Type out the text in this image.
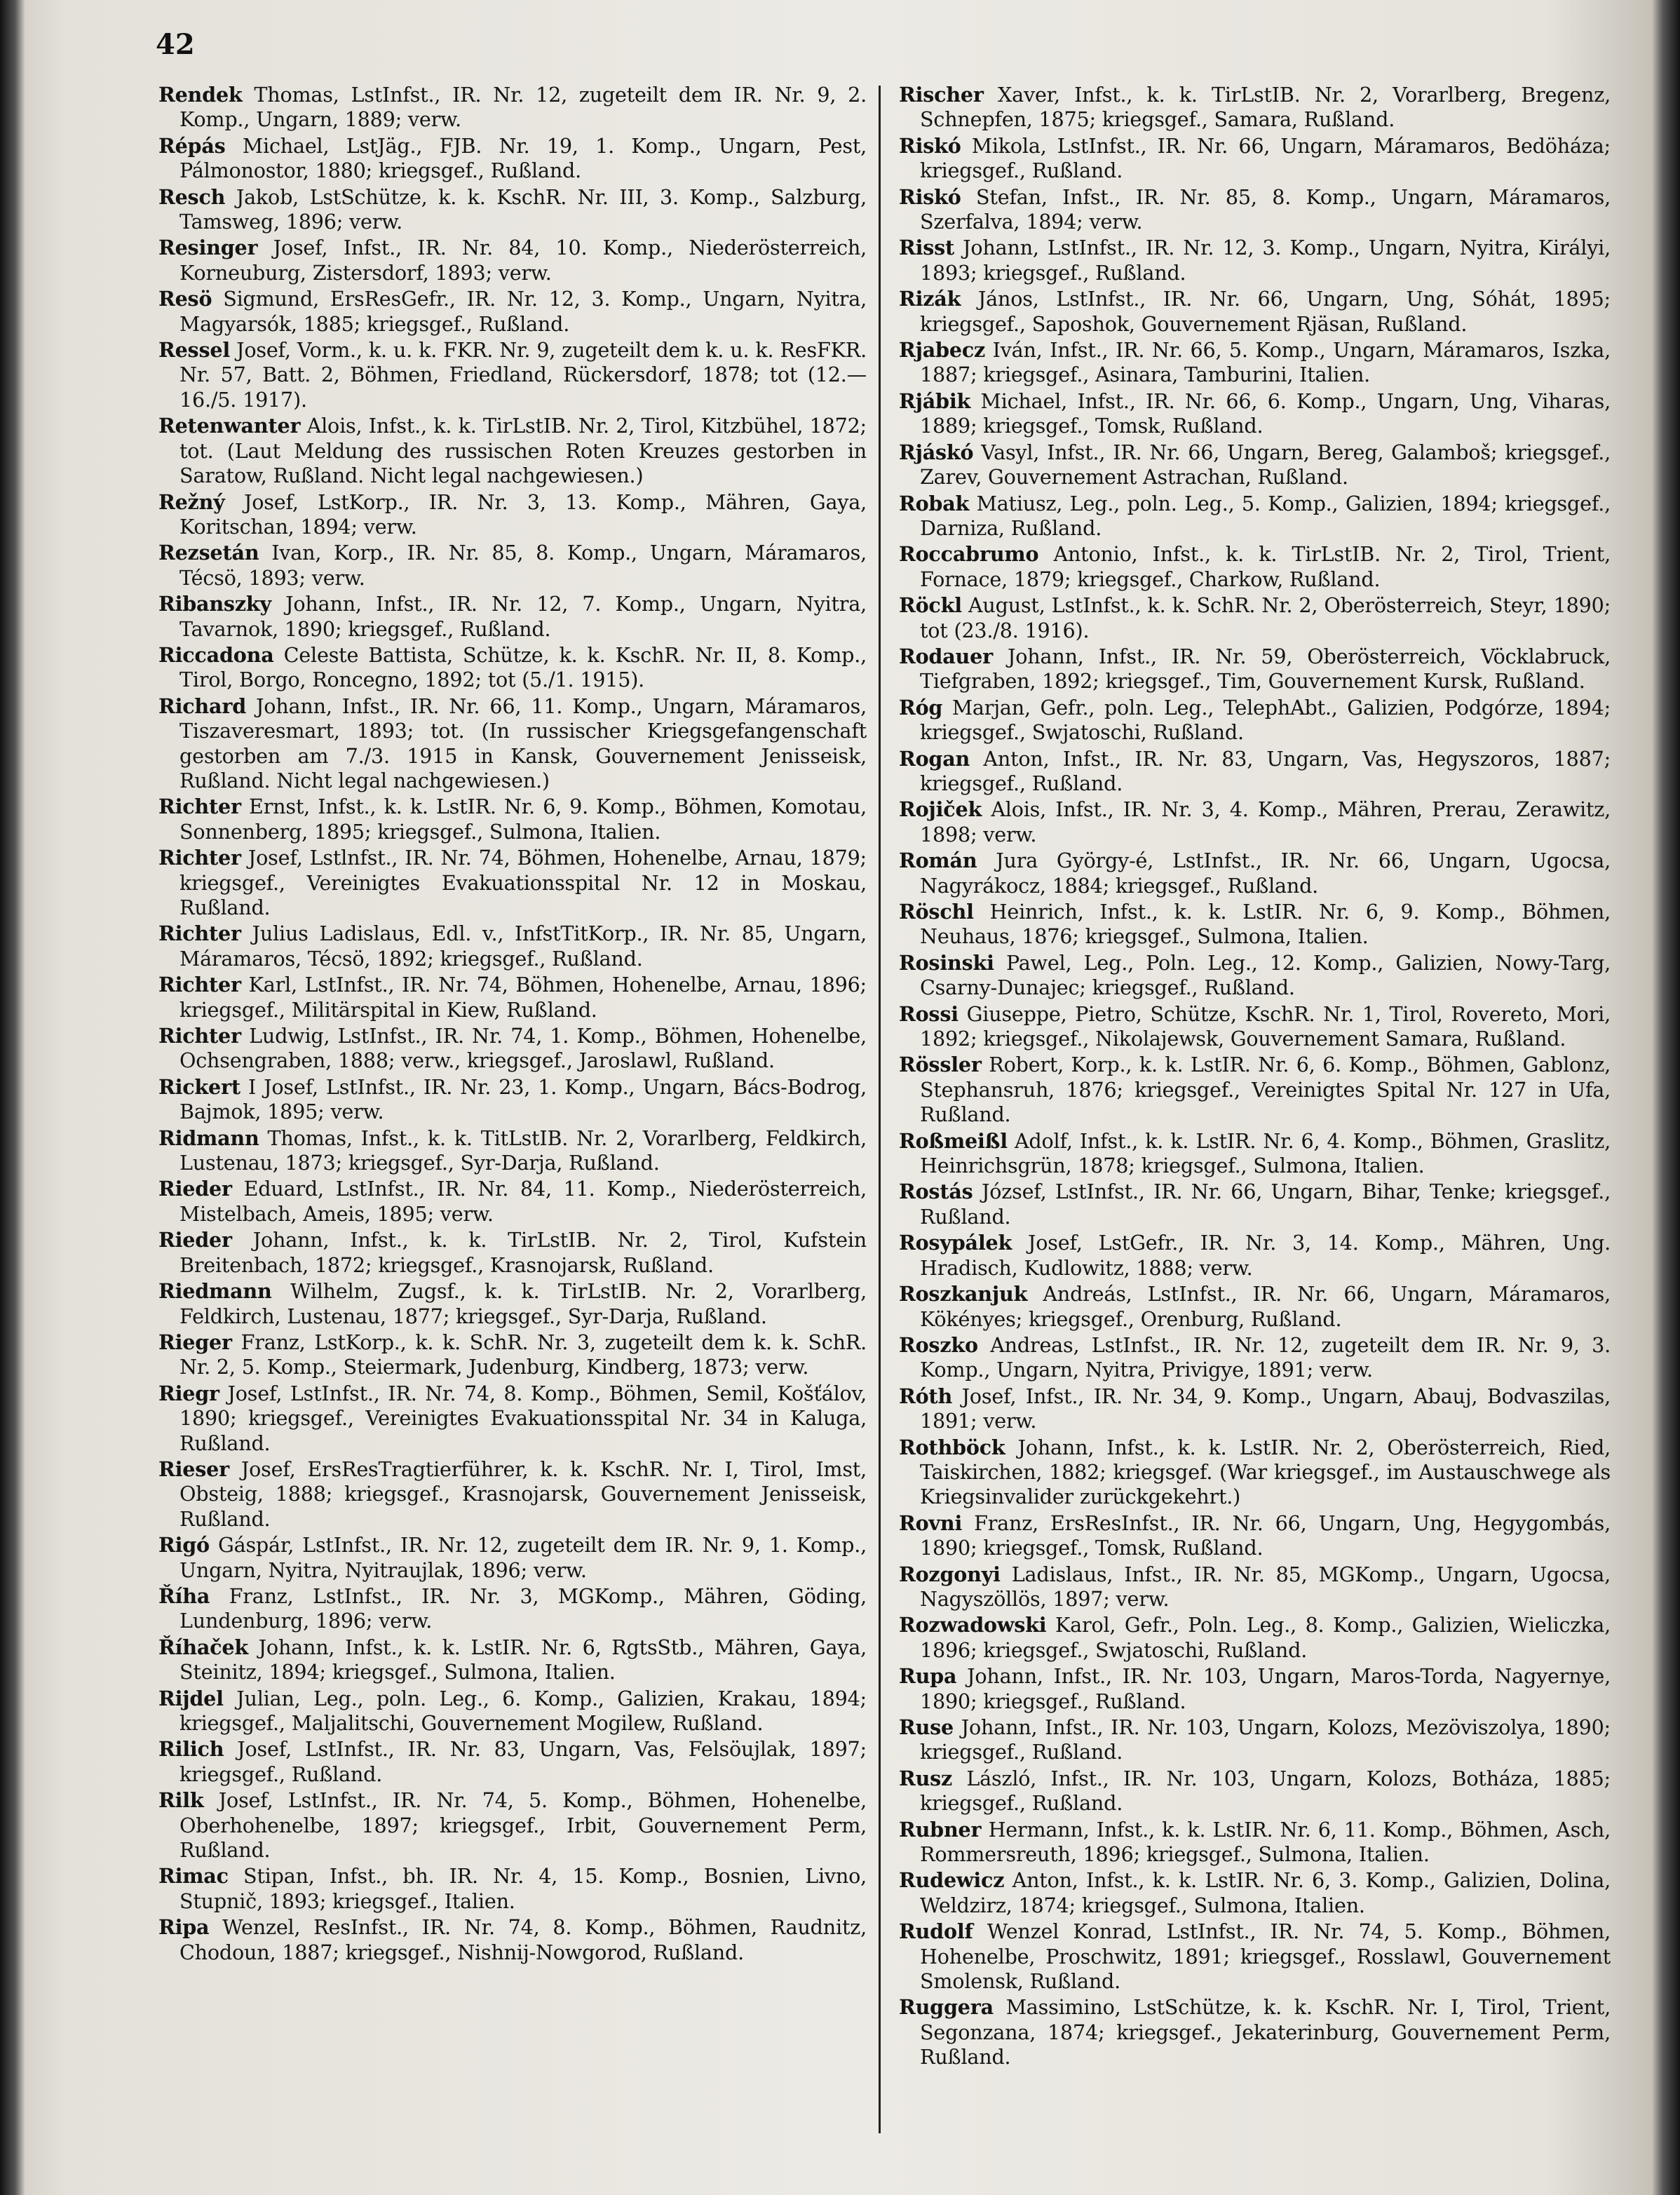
42

Rendek Thomas, LstInfst., IR. Nr. 12, zugeteilt dem IR. Nr. 9, 2. Komp., Ungarn, 1889; verw.

Répás Michael, LstJäg., FJB. Nr. 19, 1. Komp., Ungarn, Pest, Pálmonostor, 1880; kriegsgef., Rußland.

Resch Jakob, LstSchütze, k. k. KschR. Nr. III, 3. Komp., Salzburg, Tamsweg, 1896; verw.

Resinger Josef, Infst., IR. Nr. 84, 10. Komp., Niederösterreich, Korneuburg, Zistersdorf, 1893; verw.

Resö Sigmund, ErsResGefr., IR. Nr. 12, 3. Komp., Ungarn, Nyitra, Magyarsók, 1885; kriegsgef., Rußland.

Ressel Josef, Vorm., k. u. k. FKR. Nr. 9, zugeteilt dem k. u. k. ResFKR. Nr. 57, Batt. 2, Böhmen, Friedland, Rückersdorf, 1878; tot (12.—16./5. 1917).

Retenwanter Alois, Infst., k. k. TirLstIB. Nr. 2, Tirol, Kitzbühel, 1872; tot. (Laut Meldung des russischen Roten Kreuzes gestorben in Saratow, Rußland. Nicht legal nachgewiesen.)

Režný Josef, LstKorp., IR. Nr. 3, 13. Komp., Mähren, Gaya, Koritschan, 1894; verw.

Rezsetán Ivan, Korp., IR. Nr. 85, 8. Komp., Ungarn, Máramaros, Técsö, 1893; verw.

Ribanszky Johann, Infst., IR. Nr. 12, 7. Komp., Ungarn, Nyitra, Tavarnok, 1890; kriegsgef., Rußland.

Riccadona Celeste Battista, Schütze, k. k. KschR. Nr. II, 8. Komp., Tirol, Borgo, Roncegno, 1892; tot (5./1. 1915).

Richard Johann, Infst., IR. Nr. 66, 11. Komp., Ungarn, Máramaros, Tiszaveresmart, 1893; tot. (In russischer Kriegsgefangenschaft gestorben am 7./3. 1915 in Kansk, Gouvernement Jenisseisk, Rußland. Nicht legal nachgewiesen.)

Richter Ernst, Infst., k. k. LstIR. Nr. 6, 9. Komp., Böhmen, Komotau, Sonnenberg, 1895; kriegsgef., Sulmona, Italien.

Richter Josef, Lstlnfst., IR. Nr. 74, Böhmen, Hohenelbe, Arnau, 1879; kriegsgef., Vereinigtes Evakuationsspital Nr. 12 in Moskau, Rußland.

Richter Julius Ladislaus, Edl. v., InfstTitKorp., IR. Nr. 85, Ungarn, Máramaros, Técsö, 1892; kriegsgef., Rußland.

Richter Karl, LstInfst., IR. Nr. 74, Böhmen, Hohenelbe, Arnau, 1896; kriegsgef., Militärspital in Kiew, Rußland.

Richter Ludwig, LstInfst., IR. Nr. 74, 1. Komp., Böhmen, Hohenelbe, Ochsengraben, 1888; verw., kriegsgef., Jaroslawl, Rußland.

Rickert I Josef, LstInfst., IR. Nr. 23, 1. Komp., Ungarn, Bács-Bodrog, Bajmok, 1895; verw.

Ridmann Thomas, Infst., k. k. TitLstIB. Nr. 2, Vorarlberg, Feldkirch, Lustenau, 1873; kriegsgef., Syr-Darja, Rußland.

Rieder Eduard, LstInfst., IR. Nr. 84, 11. Komp., Niederösterreich, Mistelbach, Ameis, 1895; verw.

Rieder Johann, Infst., k. k. TirLstIB. Nr. 2, Tirol, Kufstein Breitenbach, 1872; kriegsgef., Krasnojarsk, Rußland.

Riedmann Wilhelm, Zugsf., k. k. TirLstIB. Nr. 2, Vorarlberg, Feldkirch, Lustenau, 1877; kriegsgef., Syr-Darja, Rußland.

Rieger Franz, LstKorp., k. k. SchR. Nr. 3, zugeteilt dem k. k. SchR. Nr. 2, 5. Komp., Steiermark, Judenburg, Kindberg, 1873; verw.

Riegr Josef, LstInfst., IR. Nr. 74, 8. Komp., Böhmen, Semil, Košťálov, 1890; kriegsgef., Vereinigtes Evakuationsspital Nr. 34 in Kaluga, Rußland.

Rieser Josef, ErsResTragtierführer, k. k. KschR. Nr. I, Tirol, Imst, Obsteig, 1888; kriegsgef., Krasnojarsk, Gouvernement Jenisseisk, Rußland.

Rigó Gáspár, LstInfst., IR. Nr. 12, zugeteilt dem IR. Nr. 9, 1. Komp., Ungarn, Nyitra, Nyitraujlak, 1896; verw.

Říha Franz, LstInfst., IR. Nr. 3, MGKomp., Mähren, Göding, Lundenburg, 1896; verw.

Říhaček Johann, Infst., k. k. LstIR. Nr. 6, RgtsStb., Mähren, Gaya, Steinitz, 1894; kriegsgef., Sulmona, Italien.

Rijdel Julian, Leg., poln. Leg., 6. Komp., Galizien, Krakau, 1894; kriegsgef., Maljalitschi, Gouvernement Mogilew, Rußland.

Rilich Josef, LstInfst., IR. Nr. 83, Ungarn, Vas, Felsöujlak, 1897; kriegsgef., Rußland.

Rilk Josef, LstInfst., IR. Nr. 74, 5. Komp., Böhmen, Hohenelbe, Oberhohenelbe, 1897; kriegsgef., Irbit, Gouvernement Perm, Rußland.

Rimac Stipan, Infst., bh. IR. Nr. 4, 15. Komp., Bosnien, Livno, Stupnič, 1893; kriegsgef., Italien.

Ripa Wenzel, ResInfst., IR. Nr. 74, 8. Komp., Böhmen, Raudnitz, Chodoun, 1887; kriegsgef., Nishnij-Nowgorod, Rußland.

Rischer Xaver, Infst., k. k. TirLstIB. Nr. 2, Vorarlberg, Bregenz, Schnepfen, 1875; kriegsgef., Samara, Rußland.

Riskó Mikola, LstInfst., IR. Nr. 66, Ungarn, Máramaros, Bedöháza; kriegsgef., Rußland.

Riskó Stefan, Infst., IR. Nr. 85, 8. Komp., Ungarn, Máramaros, Szerfalva, 1894; verw.

Risst Johann, LstInfst., IR. Nr. 12, 3. Komp., Ungarn, Nyitra, Királyi, 1893; kriegsgef., Rußland.

Rizák János, LstInfst., IR. Nr. 66, Ungarn, Ung, Sóhát, 1895; kriegsgef., Saposhok, Gouvernement Rjäsan, Rußland.

Rjabecz Iván, Infst., IR. Nr. 66, 5. Komp., Ungarn, Máramaros, Iszka, 1887; kriegsgef., Asinara, Tamburini, Italien.

Rjábik Michael, Infst., IR. Nr. 66, 6. Komp., Ungarn, Ung, Viharas, 1889; kriegsgef., Tomsk, Rußland.

Rjáskó Vasyl, Infst., IR. Nr. 66, Ungarn, Bereg, Galamboš; kriegsgef., Zarev, Gouvernement Astrachan, Rußland.

Robak Matiusz, Leg., poln. Leg., 5. Komp., Galizien, 1894; kriegsgef., Darniza, Rußland.

Roccabrumo Antonio, Infst., k. k. TirLstIB. Nr. 2, Tirol, Trient, Fornace, 1879; kriegsgef., Charkow, Rußland.

Röckl August, LstInfst., k. k. SchR. Nr. 2, Oberösterreich, Steyr, 1890; tot (23./8. 1916).

Rodauer Johann, Infst., IR. Nr. 59, Oberösterreich, Vöcklabruck, Tiefgraben, 1892; kriegsgef., Tim, Gouvernement Kursk, Rußland.

Róg Marjan, Gefr., poln. Leg., TelephAbt., Galizien, Podgórze, 1894; kriegsgef., Swjatoschi, Rußland.

Rogan Anton, Infst., IR. Nr. 83, Ungarn, Vas, Hegyszoros, 1887; kriegsgef., Rußland.

Rojiček Alois, Infst., IR. Nr. 3, 4. Komp., Mähren, Prerau, Zerawitz, 1898; verw.

Román Jura György-é, LstInfst., IR. Nr. 66, Ungarn, Ugocsa, Nagyrákocz, 1884; kriegsgef., Rußland.

Röschl Heinrich, Infst., k. k. LstIR. Nr. 6, 9. Komp., Böhmen, Neuhaus, 1876; kriegsgef., Sulmona, Italien.

Rosinski Pawel, Leg., Poln. Leg., 12. Komp., Galizien, Nowy-Targ, Csarny-Dunajec; kriegsgef., Rußland.

Rossi Giuseppe, Pietro, Schütze, KschR. Nr. 1, Tirol, Rovereto, Mori, 1892; kriegsgef., Nikolajewsk, Gouvernement Samara, Rußland.

Rössler Robert, Korp., k. k. LstIR. Nr. 6, 6. Komp., Böhmen, Gablonz, Stephansruh, 1876; kriegsgef., Vereinigtes Spital Nr. 127 in Ufa, Rußland.

Roßmeißl Adolf, Infst., k. k. LstIR. Nr. 6, 4. Komp., Böhmen, Graslitz, Heinrichsgrün, 1878; kriegsgef., Sulmona, Italien.

Rostás József, LstInfst., IR. Nr. 66, Ungarn, Bihar, Tenke; kriegsgef., Rußland.

Rosypálek Josef, LstGefr., IR. Nr. 3, 14. Komp., Mähren, Ung. Hradisch, Kudlowitz, 1888; verw.

Roszkanjuk Andreás, LstInfst., IR. Nr. 66, Ungarn, Máramaros, Kökényes; kriegsgef., Orenburg, Rußland.

Roszko Andreas, LstInfst., IR. Nr. 12, zugeteilt dem IR. Nr. 9, 3. Komp., Ungarn, Nyitra, Privigye, 1891; verw.

Róth Josef, Infst., IR. Nr. 34, 9. Komp., Ungarn, Abauj, Bodvaszilas, 1891; verw.

Rothböck Johann, Infst., k. k. LstIR. Nr. 2, Oberösterreich, Ried, Taiskirchen, 1882; kriegsgef. (War kriegsgef., im Austauschwege als Kriegsinvalider zurückgekehrt.)

Rovni Franz, ErsResInfst., IR. Nr. 66, Ungarn, Ung, Hegygombás, 1890; kriegsgef., Tomsk, Rußland.

Rozgonyi Ladislaus, Infst., IR. Nr. 85, MGKomp., Ungarn, Ugocsa, Nagyszöllös, 1897; verw.

Rozwadowski Karol, Gefr., Poln. Leg., 8. Komp., Galizien, Wieliczka, 1896; kriegsgef., Swjatoschi, Rußland.

Rupa Johann, Infst., IR. Nr. 103, Ungarn, Maros-Torda, Nagyernye, 1890; kriegsgef., Rußland.

Ruse Johann, Infst., IR. Nr. 103, Ungarn, Kolozs, Mezöviszolya, 1890; kriegsgef., Rußland.

Rusz László, Infst., IR. Nr. 103, Ungarn, Kolozs, Botháza, 1885; kriegsgef., Rußland.

Rubner Hermann, Infst., k. k. LstIR. Nr. 6, 11. Komp., Böhmen, Asch, Rommersreuth, 1896; kriegsgef., Sulmona, Italien.

Rudewicz Anton, Infst., k. k. LstIR. Nr. 6, 3. Komp., Galizien, Dolina, Weldzirz, 1874; kriegsgef., Sulmona, Italien.

Rudolf Wenzel Konrad, LstInfst., IR. Nr. 74, 5. Komp., Böhmen, Hohenelbe, Proschwitz, 1891; kriegsgef., Rosslawl, Gouvernement Smolensk, Rußland.

Ruggera Massimino, LstSchütze, k. k. KschR. Nr. I, Tirol, Trient, Segonzana, 1874; kriegsgef., Jekaterinburg, Gouvernement Perm, Rußland.
